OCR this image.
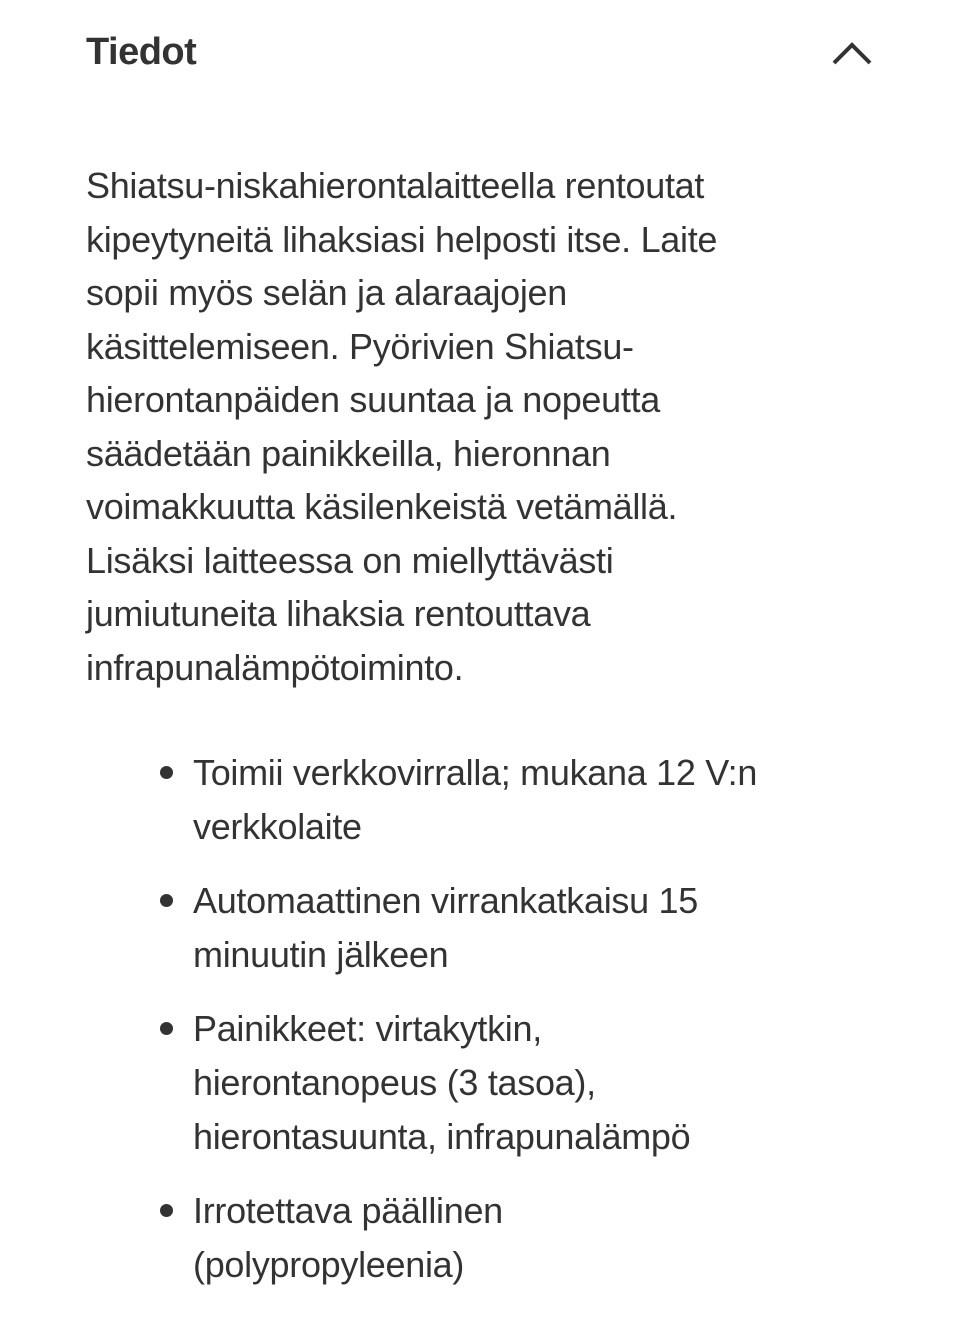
Tiedot
Shiatsu-niskahierontalaitteella rentoutat
kipeytyneitä lihaksiasi helposti itse. Laite
sopii myös selän ja alaraajojen
käsittelemiseen. Pyörivien Shiatsu-
hierontanpäiden suuntaa ja nopeutta
säädetään painikkeilla, hieronnan
voimakkuutta käsilenkeistä vetämällä.
Lisäksi laitteessa on miellyttävästi
jumiutuneita lihaksia rentouttava
infrapunalämpötoiminto.
Toimii verkkovirralla; mukana 12 V:n
verkkolaite
Automaattinen virrankatkaisu 15
minuutin jälkeen
Painikkeet: virtakytkin,
hierontanopeus (3 tasoa),
hierontasuunta, infrapunalämpö
Irrotettava päällinen
(polypropyleenia)
